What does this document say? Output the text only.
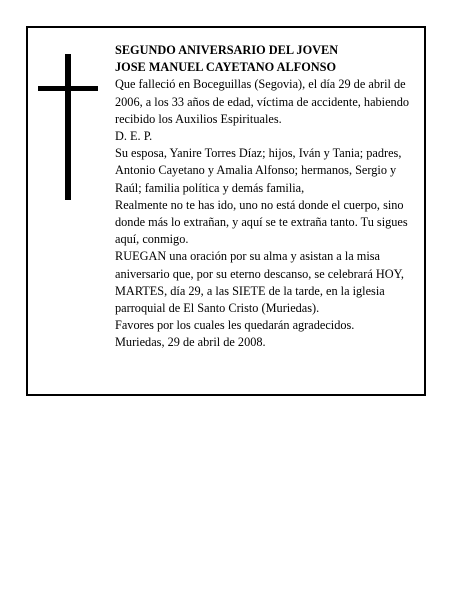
SEGUNDO ANIVERSARIO DEL JOVEN

JOSE MANUEL CAYETANO ALFONSO

Que falleció en Boceguillas (Segovia), el día 29 de abril de 2006, a los 33 años de edad, víctima de accidente, habiendo recibido los Auxilios Espirituales.

D. E. P.

Su esposa, Yanire Torres Díaz; hijos, Iván y Tania; padres, Antonio Cayetano y Amalia Alfonso; hermanos, Sergio y Raúl; familia política y demás familia,

Realmente no te has ido, uno no está donde el cuerpo, sino donde más lo extrañan, y aquí se te extraña tanto. Tu sigues aquí, conmigo.

RUEGAN una oración por su alma y asistan a la misa aniversario que, por su eterno descanso, se celebrará HOY, MARTES, día 29, a las SIETE de la tarde, en la iglesia parroquial de El Santo Cristo (Muriedas).

Favores por los cuales les quedarán agradecidos.

Muriedas, 29 de abril de 2008.
